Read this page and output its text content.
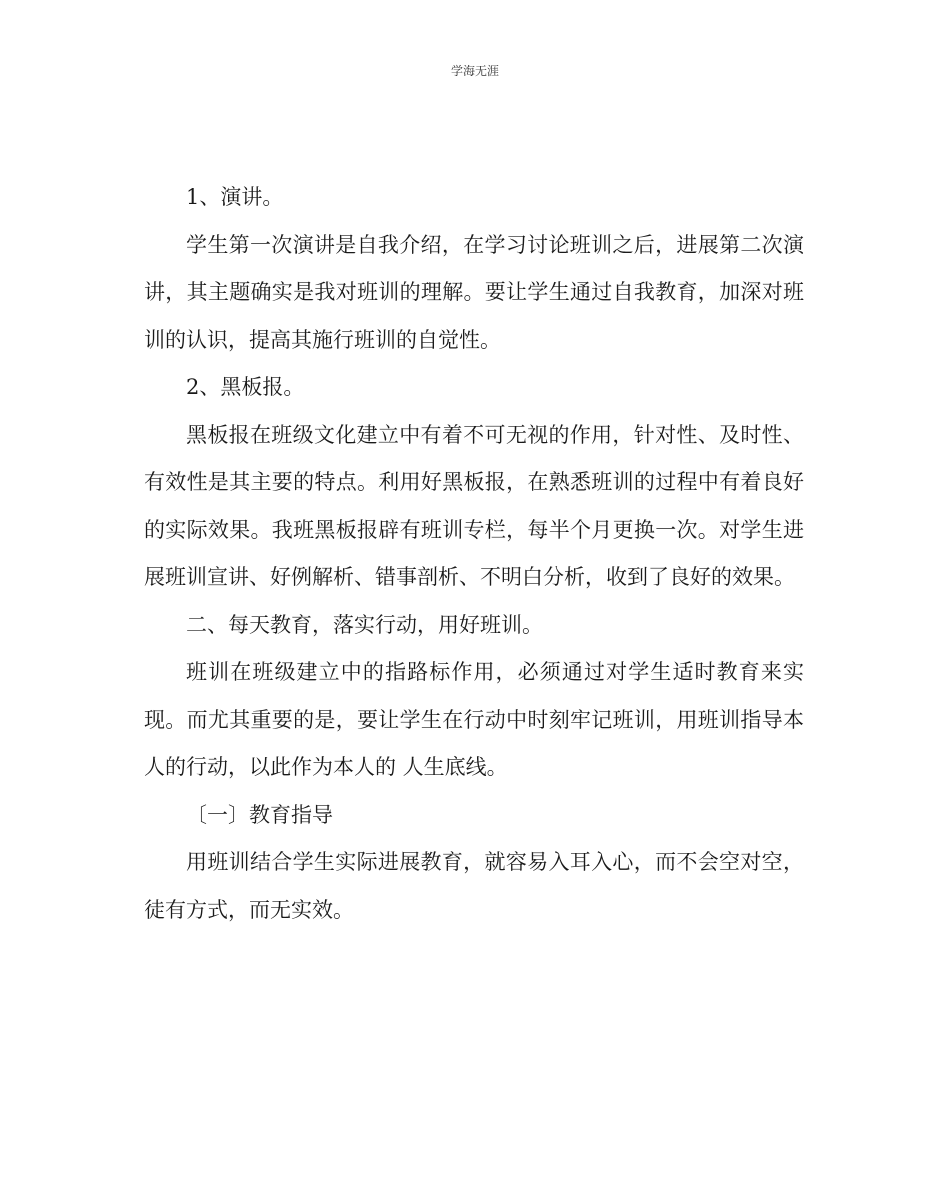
学海无涯

1、演讲。

学生第一次演讲是自我介绍，在学习讨论班训之后，进展第二次演讲，其主题确实是我对班训的理解。要让学生通过自我教育，加深对班训的认识，提高其施行班训的自觉性。

2、黑板报。

黑板报在班级文化建立中有着不可无视的作用，针对性、及时性、有效性是其主要的特点。利用好黑板报，在熟悉班训的过程中有着良好的实际效果。我班黑板报辟有班训专栏，每半个月更换一次。对学生进展班训宣讲、好例解析、错事剖析、不明白分析，收到了良好的效果。

二、每天教育，落实行动，用好班训。

班训在班级建立中的指路标作用，必须通过对学生适时教育来实现。而尤其重要的是，要让学生在行动中时刻牢记班训，用班训指导本人的行动，以此作为本人的 人生底线。

〔一〕教育指导

用班训结合学生实际进展教育，就容易入耳入心，而不会空对空，徒有方式，而无实效。
